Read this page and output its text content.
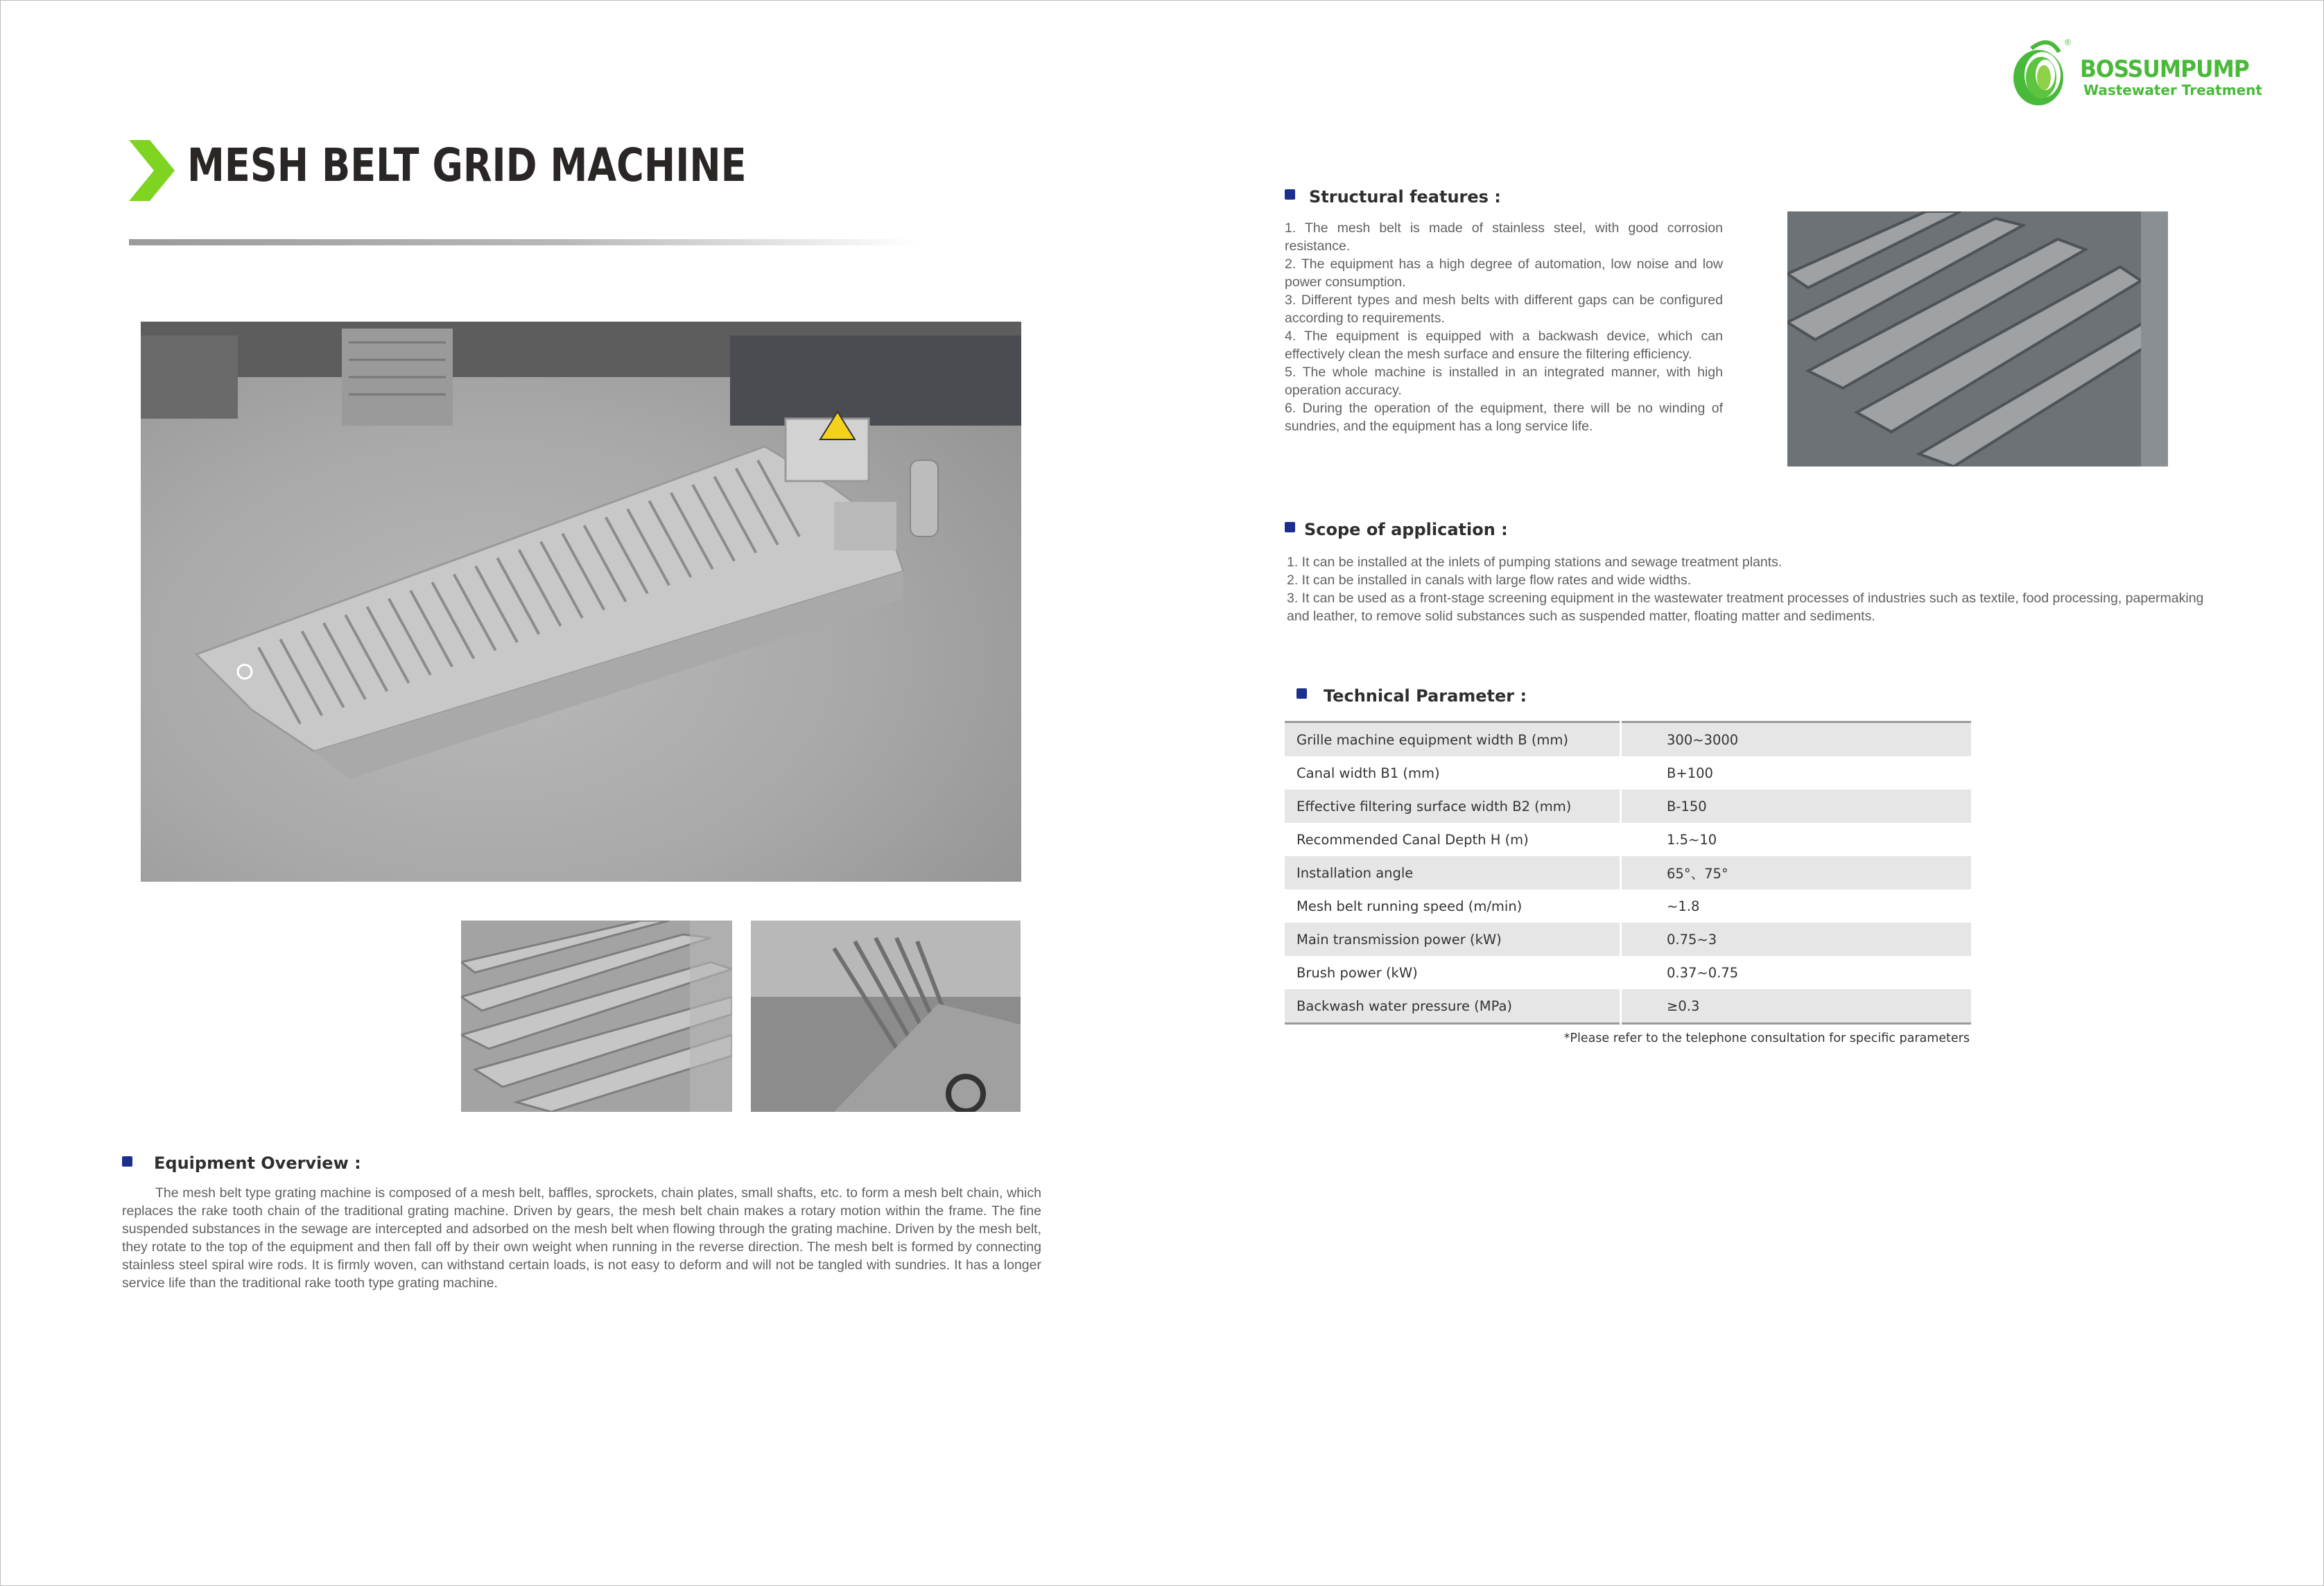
MESH BELT GRID MACHINE
®
BOSSUMPUMP
Wastewater Treatment
Structural features :
1. The mesh belt is made of stainless steel, with good corrosion resistance.
2. The equipment has a high degree of automation, low noise and low power consumption.
3. Different types and mesh belts with different gaps can be configured according to requirements.
4. The equipment is equipped with a backwash device, which can effectively clean the mesh surface and ensure the filtering efficiency.
5. The whole machine is installed in an integrated manner, with high operation accuracy.
6. During the operation of the equipment, there will be no winding of sundries, and the equipment has a long service life.
Scope of application :
1. It can be installed at the inlets of pumping stations and sewage treatment plants.
2. It can be installed in canals with large flow rates and wide widths.
3. It can be used as a front-stage screening equipment in the wastewater treatment processes of industries such as textile, food processing, papermaking and leather, to remove solid substances such as suspended matter, floating matter and sediments.
Technical Parameter :
Grille machine equipment width B (mm)	300~3000
Canal width B1 (mm)	B+100
Effective filtering surface width B2 (mm)	B-150
Recommended Canal Depth H (m)	1.5~10
Installation angle	65°、75°
Mesh belt running speed (m/min)	~1.8
Main transmission power (kW)	0.75~3
Brush power (kW)	0.37~0.75
Backwash water pressure (MPa)	≥0.3
*Please refer to the telephone consultation for specific parameters
Equipment Overview :
The mesh belt type grating machine is composed of a mesh belt, baffles, sprockets, chain plates, small shafts, etc. to form a mesh belt chain, which replaces the rake tooth chain of the traditional grating machine. Driven by gears, the mesh belt chain makes a rotary motion within the frame. The fine suspended substances in the sewage are intercepted and adsorbed on the mesh belt when flowing through the grating machine. Driven by the mesh belt, they rotate to the top of the equipment and then fall off by their own weight when running in the reverse direction. The mesh belt is formed by connecting stainless steel spiral wire rods. It is firmly woven, can withstand certain loads, is not easy to deform and will not be tangled with sundries. It has a longer service life than the traditional rake tooth type grating machine.
